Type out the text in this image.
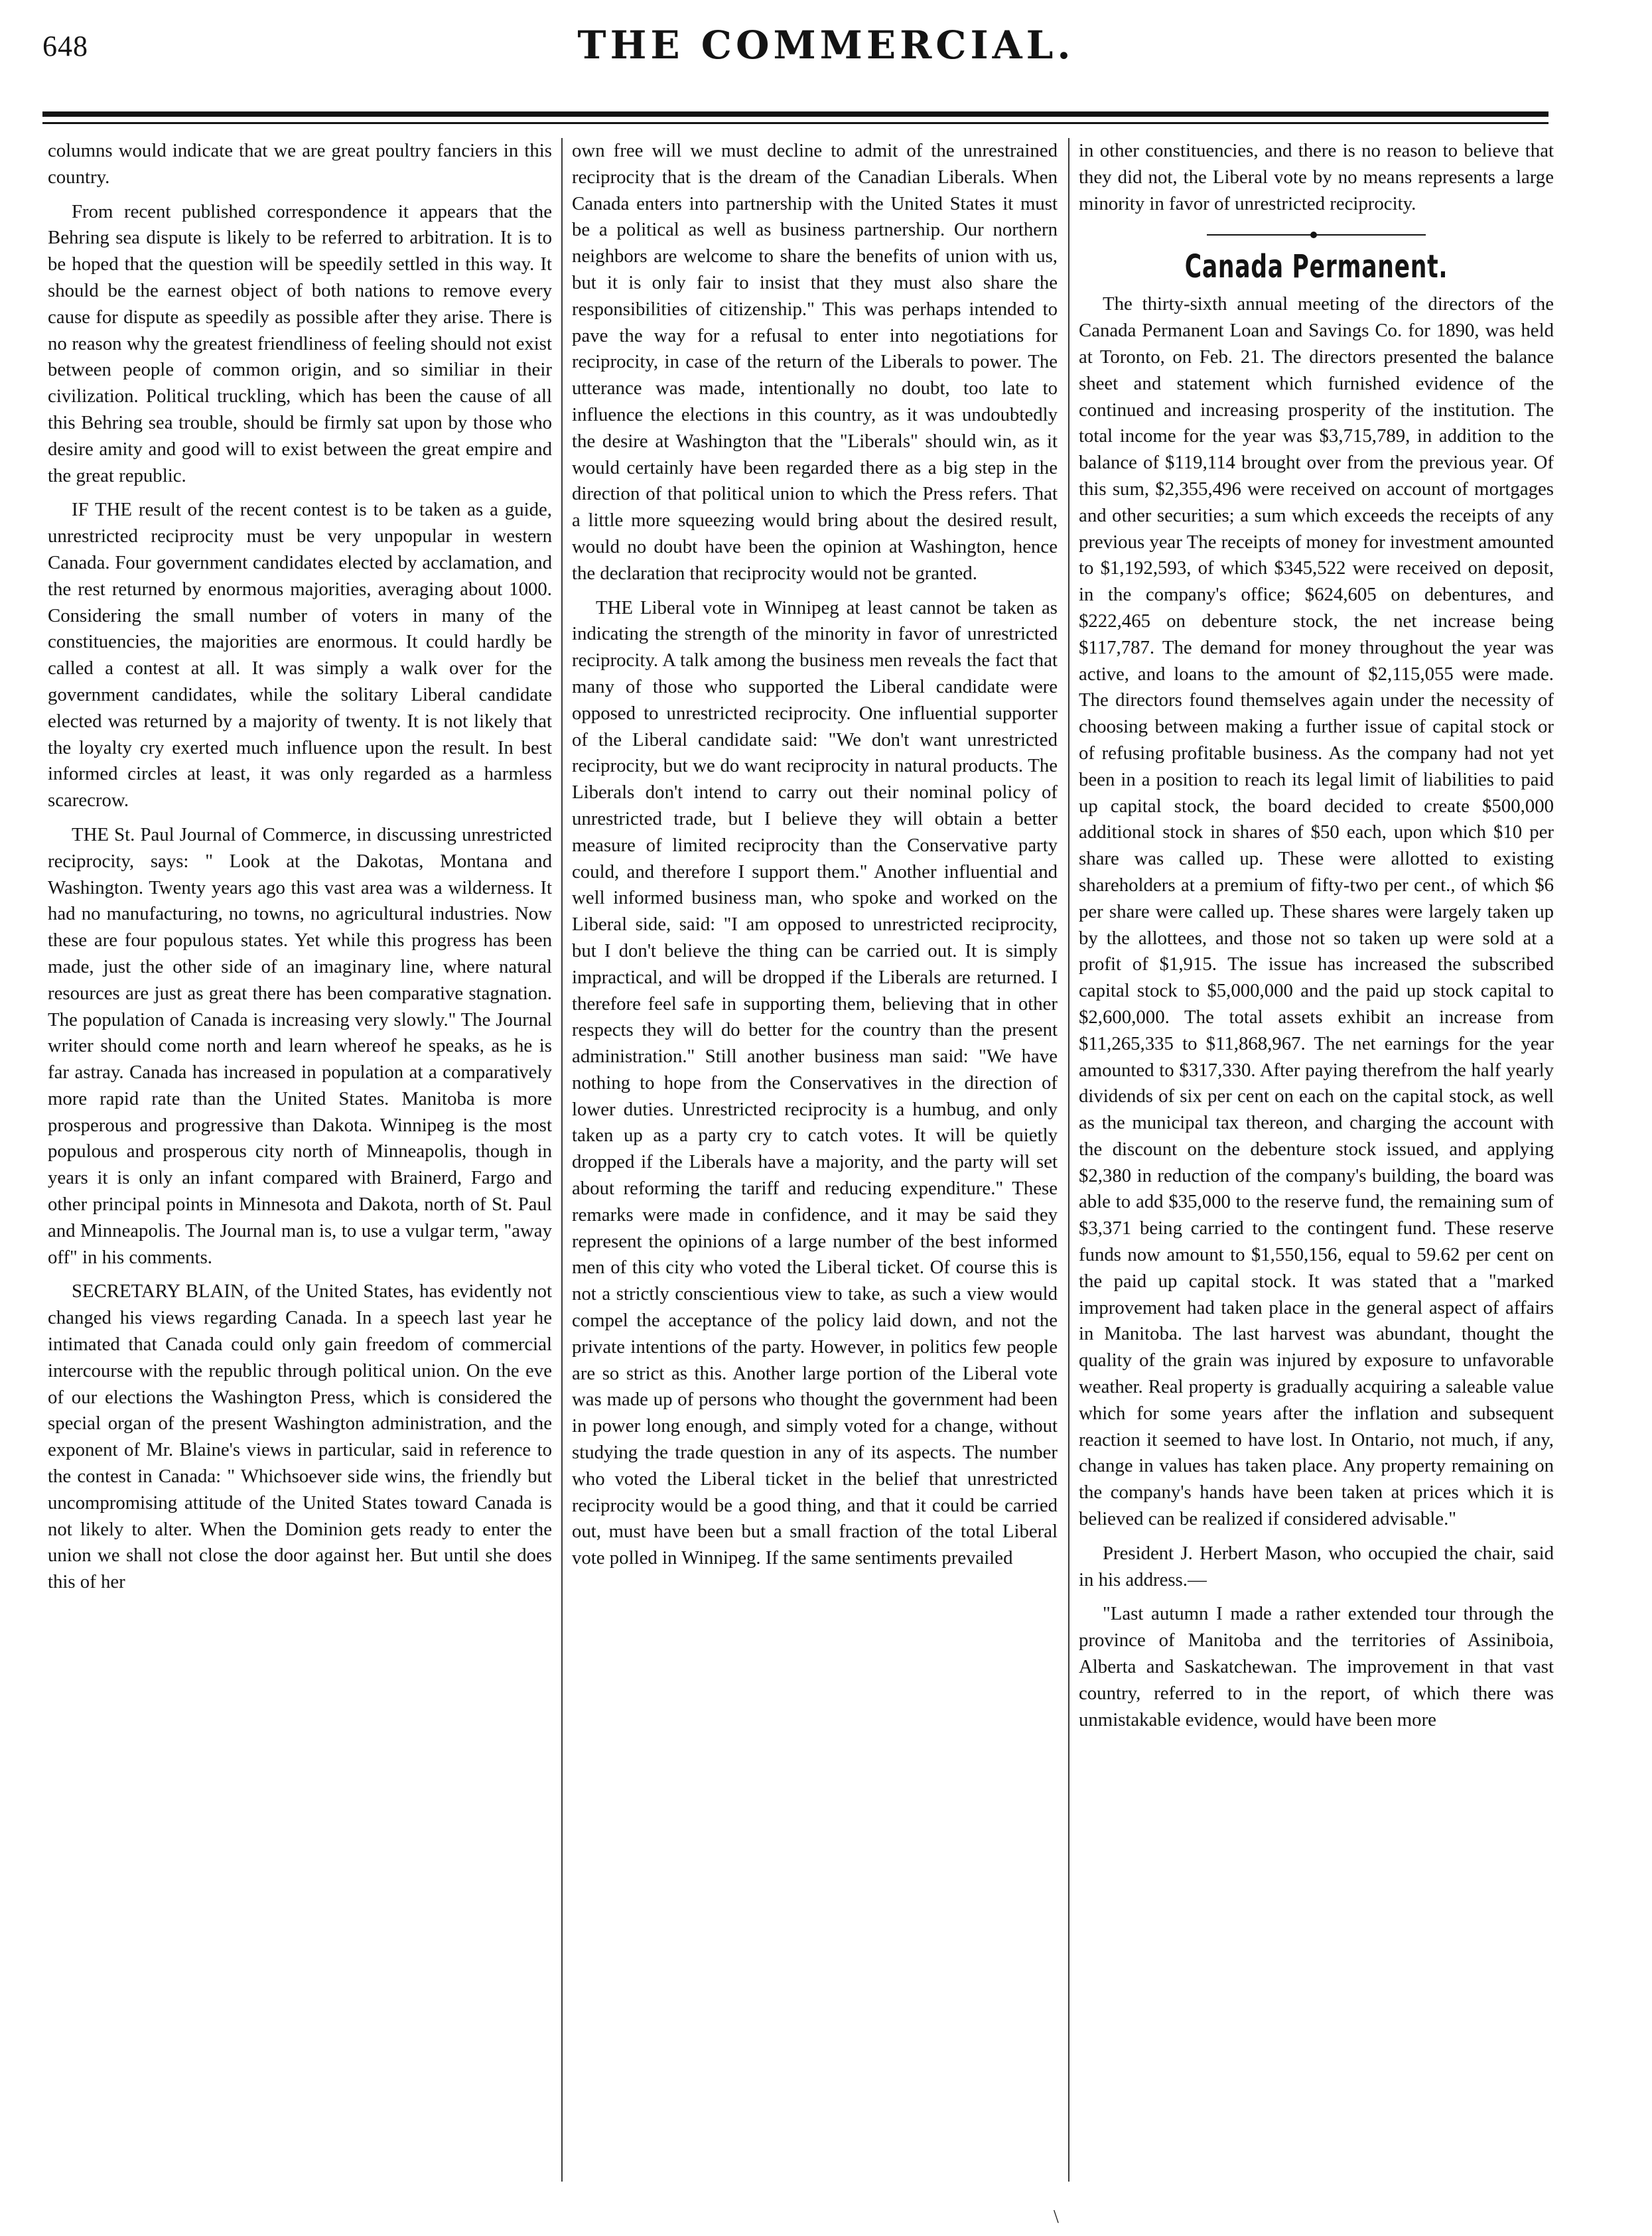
648	THE COMMERCIAL.

columns would indicate that we are great poultry fanciers in this country.

From recent published correspondence it appears that the Behring sea dispute is likely to be referred to arbitration. It is to be hoped that the question will be speedily settled in this way. It should be the earnest object of both nations to remove every cause for dispute as speedily as possible after they arise. There is no reason why the greatest friendliness of feeling should not exist between people of common origin, and so similiar in their civilization. Political truckling, which has been the cause of all this Behring sea trouble, should be firmly sat upon by those who desire amity and good will to exist between the great empire and the great republic.

IF THE result of the recent contest is to be taken as a guide, unrestricted reciprocity must be very unpopular in western Canada. Four government candidates elected by acclamation, and the rest returned by enormous majorities, averaging about 1000. Considering the small number of voters in many of the constituencies, the majorities are enormous. It could hardly be called a contest at all. It was simply a walk over for the government candidates, while the solitary Liberal candidate elected was returned by a majority of twenty. It is not likely that the loyalty cry exerted much influence upon the result. In best informed circles at least, it was only regarded as a harmless scarecrow.

THE St. Paul Journal of Commerce, in discussing unrestricted reciprocity, says: " Look at the Dakotas, Montana and Washington. Twenty years ago this vast area was a wilderness. It had no manufacturing, no towns, no agricultural industries. Now these are four populous states. Yet while this progress has been made, just the other side of an imaginary line, where natural resources are just as great there has been comparative stagnation. The population of Canada is increasing very slowly." The Journal writer should come north and learn whereof he speaks, as he is far astray. Canada has increased in population at a comparatively more rapid rate than the United States. Manitoba is more prosperous and progressive than Dakota. Winnipeg is the most populous and prosperous city north of Minneapolis, though in years it is only an infant compared with Brainerd, Fargo and other principal points in Minnesota and Dakota, north of St. Paul and Minneapolis. The Journal man is, to use a vulgar term, "away off" in his comments.

SECRETARY BLAIN, of the United States, has evidently not changed his views regarding Canada. In a speech last year he intimated that Canada could only gain freedom of commercial intercourse with the republic through political union. On the eve of our elections the Washington Press, which is considered the special organ of the present Washington administration, and the exponent of Mr. Blaine's views in particular, said in reference to the contest in Canada: " Whichsoever side wins, the friendly but uncompromising attitude of the United States toward Canada is not likely to alter. When the Dominion gets ready to enter the union we shall not close the door against her. But until she does this of her

own free will we must decline to admit of the unrestrained reciprocity that is the dream of the Canadian Liberals. When Canada enters into partnership with the United States it must be a political as well as business partnership. Our northern neighbors are welcome to share the benefits of union with us, but it is only fair to insist that they must also share the responsibilities of citizenship." This was perhaps intended to pave the way for a refusal to enter into negotiations for reciprocity, in case of the return of the Liberals to power. The utterance was made, intentionally no doubt, too late to influence the elections in this country, as it was undoubtedly the desire at Washington that the "Liberals" should win, as it would certainly have been regarded there as a big step in the direction of that political union to which the Press refers. That a little more squeezing would bring about the desired result, would no doubt have been the opinion at Washington, hence the declaration that reciprocity would not be granted.

THE Liberal vote in Winnipeg at least cannot be taken as indicating the strength of the minority in favor of unrestricted reciprocity. A talk among the business men reveals the fact that many of those who supported the Liberal candidate were opposed to unrestricted reciprocity. One influential supporter of the Liberal candidate said: "We don't want unrestricted reciprocity, but we do want reciprocity in natural products. The Liberals don't intend to carry out their nominal policy of unrestricted trade, but I believe they will obtain a better measure of limited reciprocity than the Conservative party could, and therefore I support them." Another influential and well informed business man, who spoke and worked on the Liberal side, said: "I am opposed to unrestricted reciprocity, but I don't believe the thing can be carried out. It is simply impractical, and will be dropped if the Liberals are returned. I therefore feel safe in supporting them, believing that in other respects they will do better for the country than the present administration." Still another business man said: "We have nothing to hope from the Conservatives in the direction of lower duties. Unrestricted reciprocity is a humbug, and only taken up as a party cry to catch votes. It will be quietly dropped if the Liberals have a majority, and the party will set about reforming the tariff and reducing expenditure." These remarks were made in confidence, and it may be said they represent the opinions of a large number of the best informed men of this city who voted the Liberal ticket. Of course this is not a strictly conscientious view to take, as such a view would compel the acceptance of the policy laid down, and not the private intentions of the party. However, in politics few people are so strict as this. Another large portion of the Liberal vote was made up of persons who thought the government had been in power long enough, and simply voted for a change, without studying the trade question in any of its aspects. The number who voted the Liberal ticket in the belief that unrestricted reciprocity would be a good thing, and that it could be carried out, must have been but a small fraction of the total Liberal vote polled in Winnipeg. If the same sentiments prevailed

in other constituencies, and there is no reason to believe that they did not, the Liberal vote by no means represents a large minority in favor of unrestricted reciprocity.

Canada Permanent.

The thirty-sixth annual meeting of the directors of the Canada Permanent Loan and Savings Co. for 1890, was held at Toronto, on Feb. 21. The directors presented the balance sheet and statement which furnished evidence of the continued and increasing prosperity of the institution. The total income for the year was $3,715,789, in addition to the balance of $119,114 brought over from the previous year. Of this sum, $2,355,496 were received on account of mortgages and other securities; a sum which exceeds the receipts of any previous year The receipts of money for investment amounted to $1,192,593, of which $345,522 were received on deposit, in the company's office; $624,605 on debentures, and $222,465 on debenture stock, the net increase being $117,787. The demand for money throughout the year was active, and loans to the amount of $2,115,055 were made. The directors found themselves again under the necessity of choosing between making a further issue of capital stock or of refusing profitable business. As the company had not yet been in a position to reach its legal limit of liabilities to paid up capital stock, the board decided to create $500,000 additional stock in shares of $50 each, upon which $10 per share was called up. These were allotted to existing shareholders at a premium of fifty-two per cent., of which $6 per share were called up. These shares were largely taken up by the allottees, and those not so taken up were sold at a profit of $1,915. The issue has increased the subscribed capital stock to $5,000,000 and the paid up stock capital to $2,600,000. The total assets exhibit an increase from $11,265,335 to $11,868,967. The net earnings for the year amounted to $317,330. After paying therefrom the half yearly dividends of six per cent on each on the capital stock, as well as the municipal tax thereon, and charging the account with the discount on the debenture stock issued, and applying $2,380 in reduction of the company's building, the board was able to add $35,000 to the reserve fund, the remaining sum of $3,371 being carried to the contingent fund. These reserve funds now amount to $1,550,156, equal to 59.62 per cent on the paid up capital stock. It was stated that a "marked improvement had taken place in the general aspect of affairs in Manitoba. The last harvest was abundant, thought the quality of the grain was injured by exposure to unfavorable weather. Real property is gradually acquiring a saleable value which for some years after the inflation and subsequent reaction it seemed to have lost. In Ontario, not much, if any, change in values has taken place. Any property remaining on the company's hands have been taken at prices which it is believed can be realized if considered advisable."

President J. Herbert Mason, who occupied the chair, said in his address.—

"Last autumn I made a rather extended tour through the province of Manitoba and the territories of Assiniboia, Alberta and Saskatchewan. The improvement in that vast country, referred to in the report, of which there was unmistakable evidence, would have been more

\
